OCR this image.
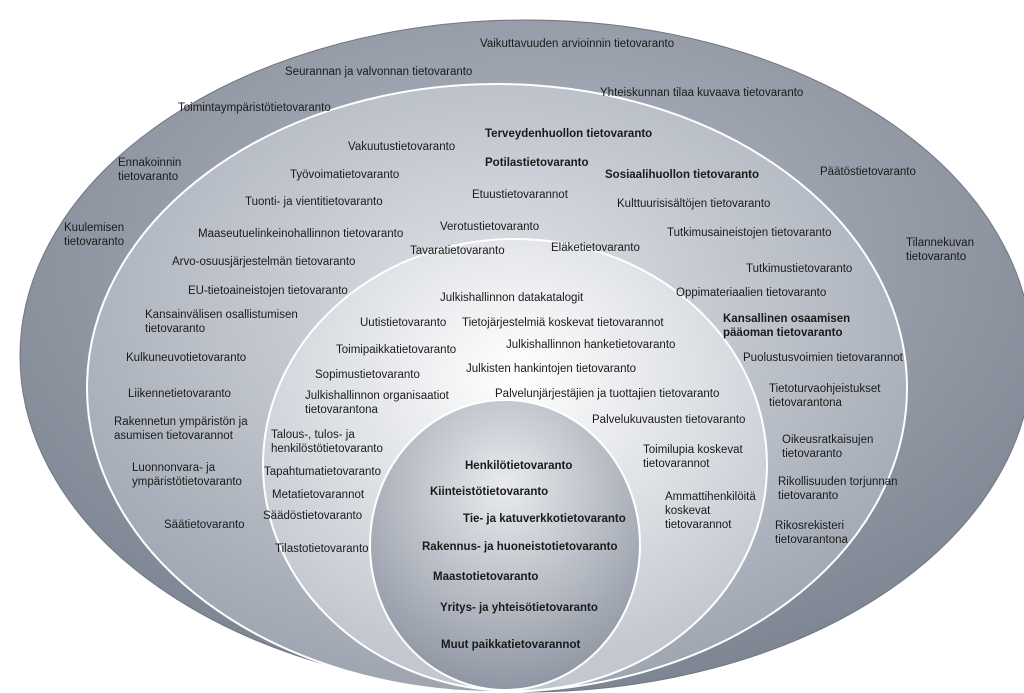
Vaikuttavuuden arvioinnin tietovaranto
Seurannan ja valvonnan tietovaranto
Toimintaympäristötietovaranto
Yhteiskunnan tilaa kuvaava tietovaranto
Ennakoinnin tietovaranto	Päätöstietovaranto
Kuulemisen tietovaranto	Tilannekuvan tietovaranto
Terveydenhuollon tietovaranto
Vakuutustietovaranto
Potilastietovaranto
Sosiaalihuollon tietovaranto
Työvoimatietovaranto
Etuustietovarannot
Tuonti- ja vientitietovaranto	Kulttuurisisältöjen tietovaranto
Maaseutuelinkeinohallinnon tietovaranto
Verotustietovaranto	Tutkimusaineistojen tietovaranto
Tavaratietovaranto	Eläketietovaranto
Arvo-osuusjärjestelmän tietovaranto
Tutkimustietovaranto
EU-tietoaineistojen tietovaranto	Oppimateriaalien tietovaranto
Kansainvälisen osallistumisen tietovaranto
Kansallinen osaamisen pääoman tietovaranto
Kulkuneuvotietovaranto	Puolustusvoimien tietovarannot
Liikennetietovaranto	Tietoturvaohjeistukset tietovarantona
Rakennetun ympäristön ja asumisen tietovarannot	Oikeusratkaisujen tietovaranto
Luonnonvara- ja ympäristötietovaranto	Rikollisuuden torjunnan tietovaranto
Säätietovaranto	Rikosrekisteri tietovarantona
Julkishallinnon datakatalogit
Uutistietovaranto Tietojärjestelmiä koskevat tietovarannot
Julkishallinnon hanketietovaranto
Toimipaikkatietovaranto
Julkisten hankintojen tietovaranto
Sopimustietovaranto
Julkishallinnon organisaatiot tietovarantona
Palvelunjärjestäjien ja tuottajien tietovaranto
Palvelukuvausten tietovaranto
Talous-, tulos- ja henkilöstötietovaranto	Toimilupia koskevat tietovarannot
Tapahtumatietovaranto
Metatietovarannot	Ammattihenkilöitä koskevat tietovarannot
Säädöstietovaranto
Tilastotietovaranto
Henkilötietovaranto
Kiinteistötietovaranto
Tie- ja katuverkkotietovaranto
Rakennus- ja huoneistotietovaranto
Maastotietovaranto
Yritys- ja yhteisötietovaranto
Muut paikkatietovarannot
